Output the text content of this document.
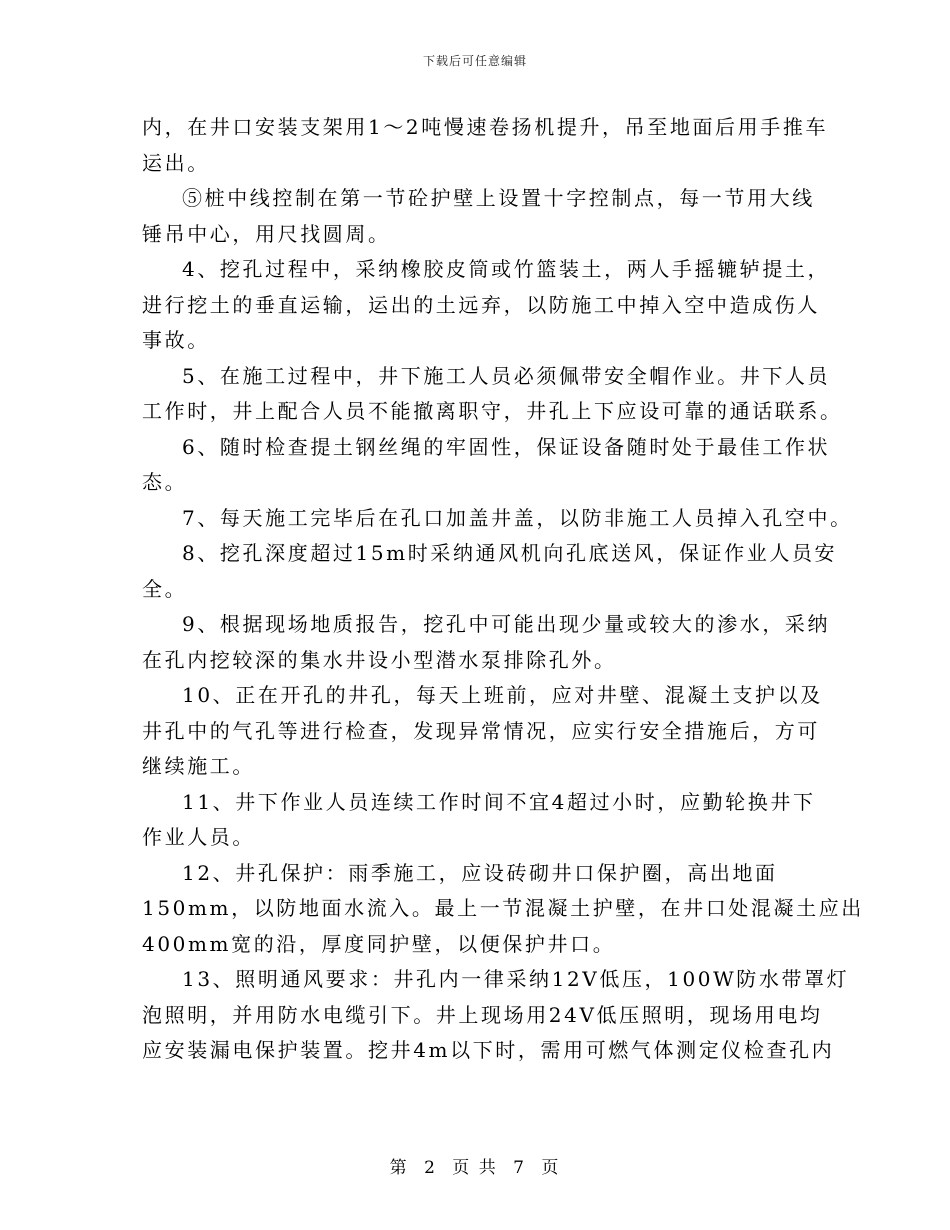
下载后可任意编辑
内，在井口安装支架用1～2吨慢速卷扬机提升，吊至地面后用手推车
运出。
⑤桩中线控制在第一节砼护壁上设置十字控制点，每一节用大线
锤吊中心，用尺找圆周。
4、挖孔过程中，采纳橡胶皮筒或竹篮装土，两人手摇辘轳提土，
进行挖土的垂直运输，运出的土远弃，以防施工中掉入空中造成伤人
事故。
5、在施工过程中，井下施工人员必须佩带安全帽作业。井下人员
工作时，井上配合人员不能撤离职守，井孔上下应设可靠的通话联系。
6、随时检查提土钢丝绳的牢固性，保证设备随时处于最佳工作状
态。
7、每天施工完毕后在孔口加盖井盖，以防非施工人员掉入孔空中。
8、挖孔深度超过15m时采纳通风机向孔底送风，保证作业人员安
全。
9、根据现场地质报告，挖孔中可能出现少量或较大的渗水，采纳
在孔内挖较深的集水井设小型潜水泵排除孔外。
10、正在开孔的井孔，每天上班前，应对井壁、混凝土支护以及
井孔中的气孔等进行检查，发现异常情况，应实行安全措施后，方可
继续施工。
11、井下作业人员连续工作时间不宜4超过小时，应勤轮换井下
作业人员。
12、井孔保护：雨季施工，应设砖砌井口保护圈，高出地面
150mm，以防地面水流入。最上一节混凝土护壁，在井口处混凝土应出
400mm宽的沿，厚度同护壁，以便保护井口。
13、照明通风要求：井孔内一律采纳12V低压，100W防水带罩灯
泡照明，并用防水电缆引下。井上现场用24V低压照明，现场用电均
应安装漏电保护装置。挖井4m以下时，需用可燃气体测定仪检查孔内
第 2 页 共 7 页
